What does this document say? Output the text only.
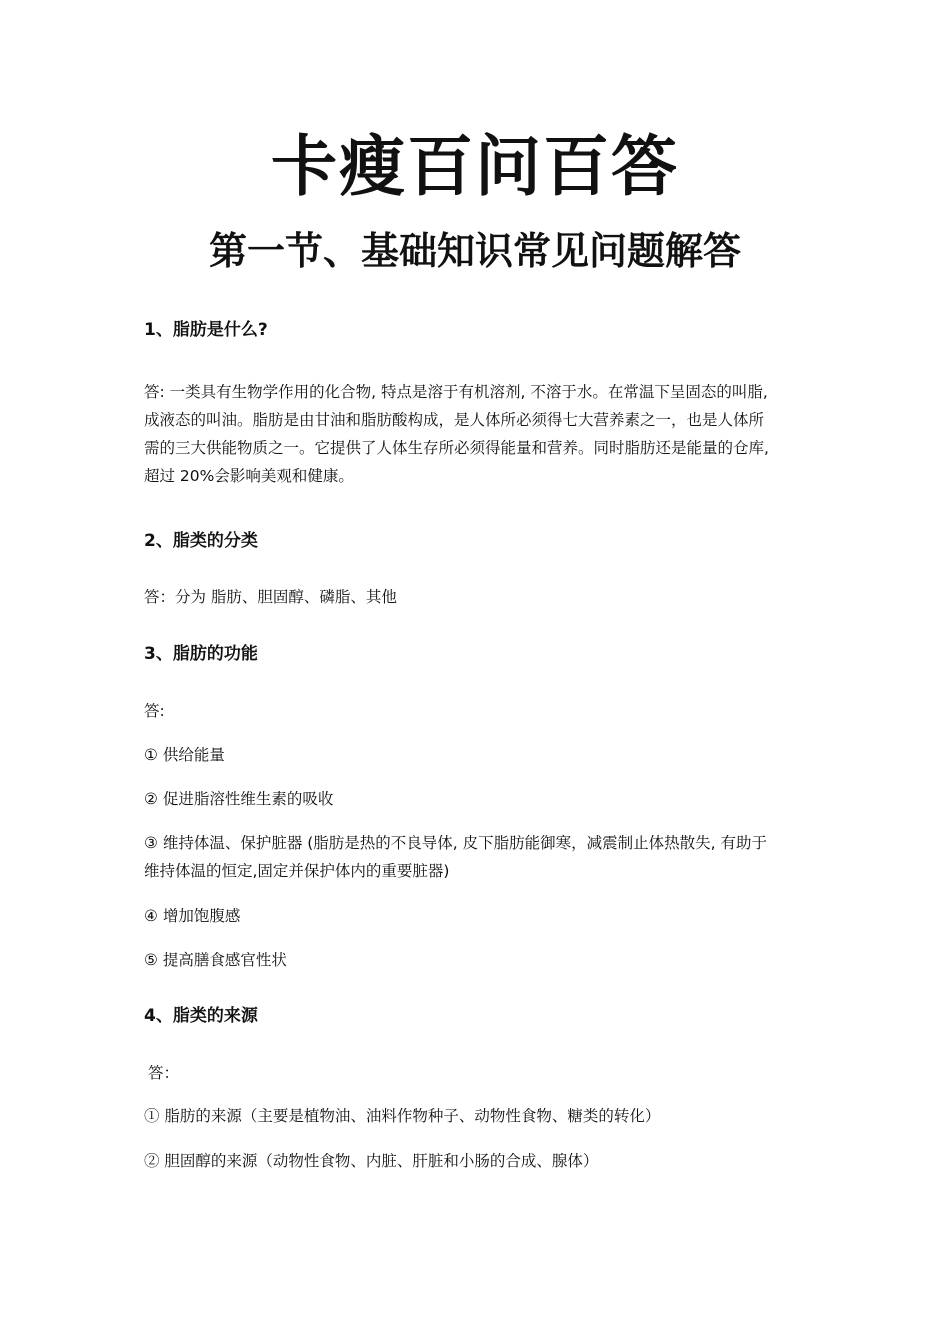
卡瘦百问百答
第一节、基础知识常见问题解答
1、脂肪是什么?
答: 一类具有生物学作用的化合物, 特点是溶于有机溶剂, 不溶于水。在常温下呈固态的叫脂,
成液态的叫油。脂肪是由甘油和脂肪酸构成，是人体所必须得七大营养素之一，也是人体所
需的三大供能物质之一。它提供了人体生存所必须得能量和营养。同时脂肪还是能量的仓库,
超过 20%会影响美观和健康。
2、脂类的分类
答：分为 脂肪、胆固醇、磷脂、其他
3、脂肪的功能
答:
① 供给能量
② 促进脂溶性维生素的吸收
③ 维持体温、保护脏器 (脂肪是热的不良导体, 皮下脂肪能御寒，减震制止体热散失, 有助于
维持体温的恒定,固定并保护体内的重要脏器)
④ 增加饱腹感
⑤ 提高膳食感官性状
4、脂类的来源
答：
① 脂肪的来源（主要是植物油、油料作物种子、动物性食物、糖类的转化）
② 胆固醇的来源（动物性食物、内脏、肝脏和小肠的合成、腺体）
